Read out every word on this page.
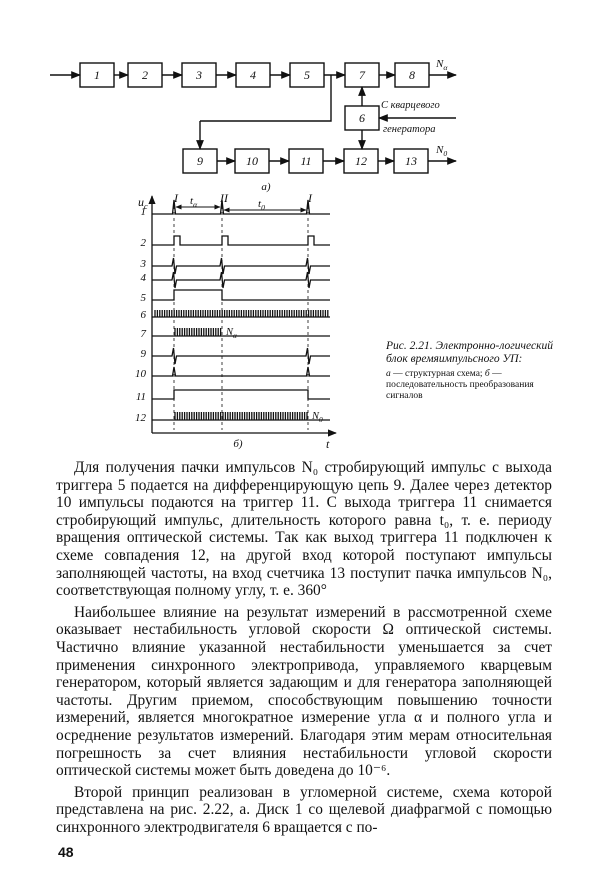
1	2	3	4	5	7	8
6
9	10	11	12	13
$N_\alpha$
С кварцевого
генератора
$N_0$
а)
$u_c$
t
б)
I	II	I
1
2
3
4
5
6
7
9
10
11
12
$t_\alpha$	$t_0$
$N_\alpha$
$N_0$
Рис. 2.21. Электронно-логический блок времяимпульсного УП:
а — структурная схема; б — последовательность преобразования сигналов

Для получения пачки импульсов N₀ стробирующий импульс с выхода триггера 5 подается на дифференцирующую цепь 9. Далее через детектор 10 импульсы подаются на триггер 11. С выхода триггера 11 снимается стробирующий импульс, длительность которого равна t₀, т. е. периоду вращения оптической системы. Так как выход триггера 11 подключен к схеме совпадения 12, на другой вход которой поступают импульсы заполняющей частоты, на вход счетчика 13 поступит пачка импульсов N₀, соответствующая полному углу, т. е. 360°

Наибольшее влияние на результат измерений в рассмотренной схеме оказывает нестабильность угловой скорости Ω оптической системы. Частично влияние указанной нестабильности уменьшается за счет применения синхронного электропривода, управляемого кварцевым генератором, который является задающим и для генератора заполняющей частоты. Другим приемом, способствующим повышению точности измерений, является многократное измерение угла α и полного угла и осреднение результатов измерений. Благодаря этим мерам относительная погрешность за счет влияния нестабильности угловой скорости оптической системы может быть доведена до 10⁻⁶.

Второй принцип реализован в угломерной системе, схема которой представлена на рис. 2.22, а. Диск 1 со щелевой диафрагмой с помощью синхронного электродвигателя 6 вращается с по-

48
